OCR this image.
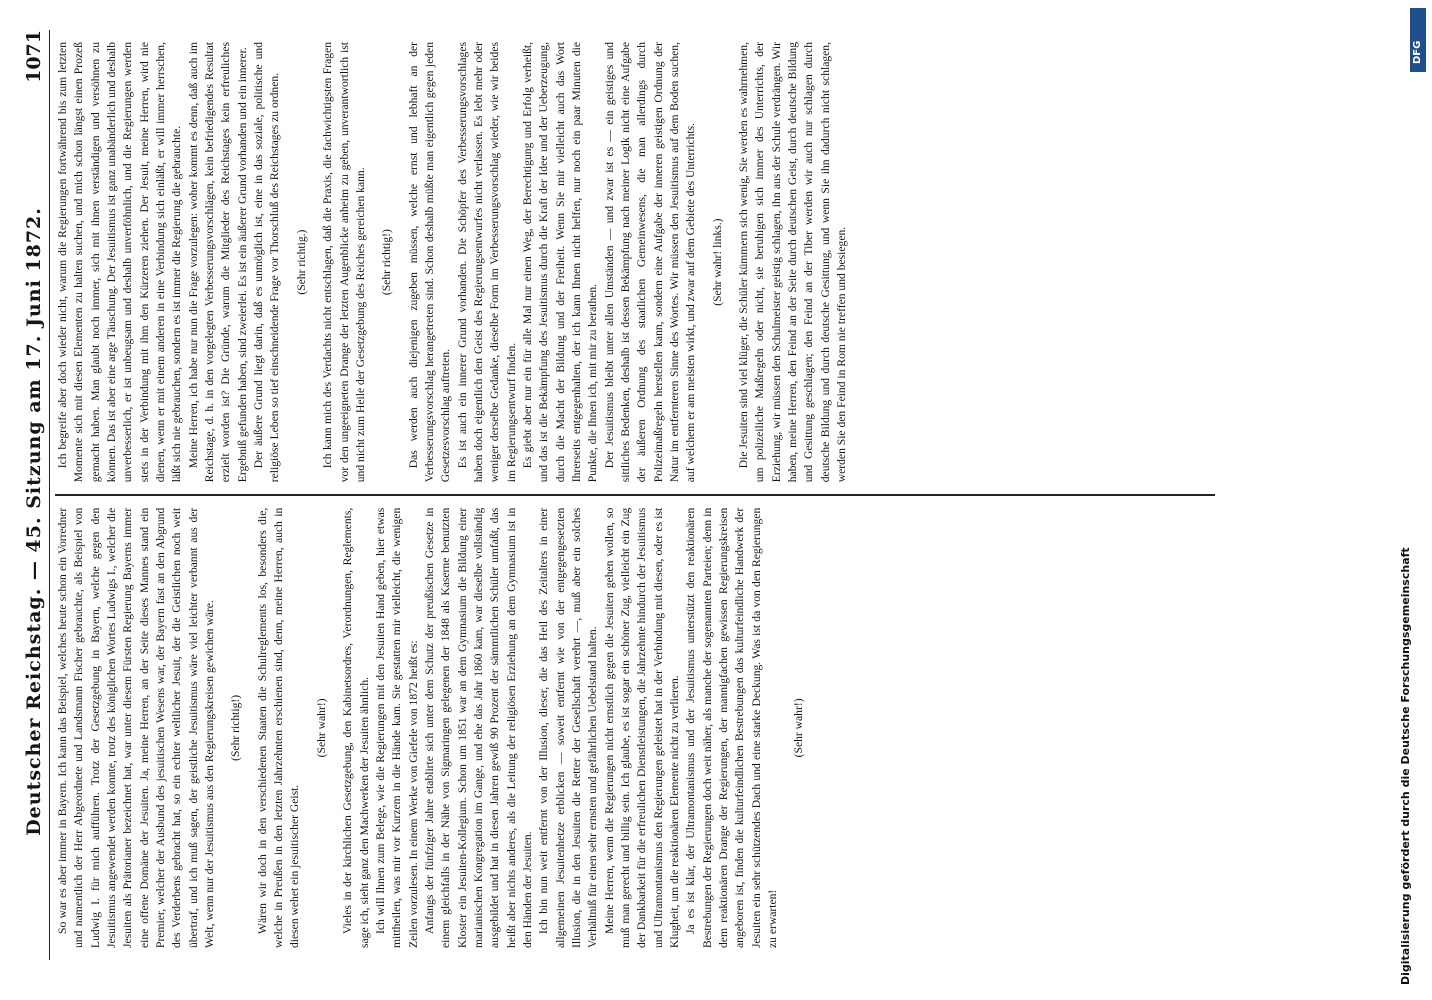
Deutscher Reichstag. — 45. Sitzung am 17. Juni 1872.
1071

So war es aber immer in Bayern. Ich kann das Beispiel, welches heute schon ein Vorredner und namentlich der Herr Abgeordnete und Landsmann Fischer gebrauchte, als Beispiel von Ludwig I. für mich aufführen. Trotz der Gesetzgebung in Bayern, welche gegen den Jesuitismus angewendet werden konnte, trotz des königlichen Wortes Ludwigs I., welcher die Jesuiten als Prätorianer bezeichnet hat, war unter diesem Fürsten Regierung Bayerns immer eine offene Domäne der Jesuiten. Ja, meine Herren, an der Seite dieses Mannes stand ein Premier, welcher der Ausbund des jesuitischen Wesens war, der Bayern fast an den Abgrund des Verderbens gebracht hat, so ein echter weltlicher Jesuit, der die Geistlichen noch weit übertraf, und ich muß sagen, der geistliche Jesuitismus wäre viel leichter verbannt aus der Welt, wenn nur der Jesuitismus aus den Regierungskreisen gewichen wäre. (Sehr richtig!) Wären wir doch in den verschiedenen Staaten die Schulreglements los, besonders die, welche in Preußen in den letzten Jahrzehnten erschienen sind, denn, meine Herren, auch in diesen wehet ein jesuitischer Geist.

(Sehr wahr!) Vieles in der kirchlichen Gesetzgebung, den Kabinetsordres, Verordnungen, Reglements, sage ich, sieht ganz den Machwerken der Jesuiten ähnlich. Ich will Ihnen zum Belege, wie die Regierungen mit den Jesuiten Hand geben, hier etwas mittheilen, was mir vor Kurzem in die Hände kam. Sie gestatten mir vielleicht, die wenigen Zeilen vorzulesen. In einem Werke von Giefele von 1872 heißt es: Anfangs der fünfziger Jahre etablirte sich unter dem Schutz der preußischen Gesetze in einem gleichfalls in der Nähe von Sigmaringen gelegenen der 1848 als Kaserne benutzten Kloster ein Jesuiten-Kollegium. Schon um 1851 war an dem Gymnasium die Bildung einer marianischen Kongregation im Gange, und ehe das Jahr 1860 kam, war dieselbe vollständig ausgebildet und hat in diesen Jahren gewiß 90 Prozent der sämmtlichen Schüler umfaßt, das heißt aber nichts anderes, als die Leitung der religiösen Erziehung an dem Gymnasium ist in den Händen der Jesuiten. Ich bin nun weit entfernt von der Illusion, dieser, die das Heil des Zeitalters in einer allgemeinen Jesuitenhetze erblicken — soweit entfernt wie von der entgegengesetzten Illusion, die in den Jesuiten die Retter der Gesellschaft verehrt —, muß aber ein solches Verhältniß für einen sehr ernsten und gefährlichen Uebelstand halten. Meine Herren, wenn die Regierungen nicht ernstlich gegen die Jesuiten gehen wollen, so muß man gerecht und billig sein. Ich glaube, es ist sogar ein schöner Zug, vielleicht ein Zug der Dankbarkeit für die erfreulichen Dienstleistungen, die Jahrzehnte hindurch der Jesuitismus und Ultramontanismus den Regierungen geleistet hat in der Verbindung mit diesen, oder es ist Klugheit, um die reaktionären Elemente nicht zu verlieren. Ja es ist klar, der Ultramontanismus und der Jesuitismus unterstützt den reaktionären Bestrebungen der Regierungen doch weit näher, als manche der sogenannten Parteien; denn in dem reaktionären Drange der Regierungen, der mannigfachen gewissen Regierungskreisen angeboren ist, finden die kulturfeindlichen Bestrebungen das kulturfeindliche Handwerk der Jesuiten ein sehr schützendes Dach und eine starke Deckung. Was ist da von den Regierungen zu erwarten!

(Sehr wahr!)

Ich begreife aber doch wieder nicht, warum die Regierungen fortwährend bis zum letzten Momente sich mit diesen Elementen zu halten suchen, und mich schon längst einen Prozeß gemacht haben. Man glaubt noch immer, sich mit ihnen verständigen und versöhnen zu können. Das ist aber eine arge Täuschung. Der Jesuitismus ist ganz unabänderlich und deshalb unverbesserlich, er ist unbeugsam und deshalb unverföhnlich, und die Regierungen werden stets in der Verbindung mit ihm den Kürzeren ziehen. Der Jesuit, meine Herren, wird nie dienen, wenn er mit einem anderen in eine Verbindung sich einläßt, er will immer herrschen, läßt sich nie gebrauchen, sondern es ist immer die Regierung die gebrauchte. Meine Herren, ich habe nur nun die Frage vorzulegen: woher kommt es denn, daß auch im Reichstage, d. h. in den vorgelegten Verbesserungsvorschlägen, kein befriedigendes Resultat erzielt worden ist? Die Gründe, warum die Mitglieder des Reichstages kein erfreuliches Ergebniß gefunden haben, sind zweierlei. Es ist ein äußerer Grund vorhanden und ein innerer. Der äußere Grund liegt darin, daß es unmöglich ist, eine in das soziale, politische und religiöse Leben so tief einschneidende Frage vor Thorschluß des Reichstages zu ordnen. (Sehr richtig.) Ich kann mich des Verdachts nicht entschlagen, daß die Praxis, die fachwichtigsten Fragen vor den ungeeigneten Drange der letzten Augenblicke anheim zu geben, unverantwortlich ist und nicht zum Heile der Gesetzgebung des Reiches gereichen kann. (Sehr richtig!) Das werden auch diejenigen zugeben müssen, welche ernst und lebhaft an der Verbesserungsvorschlag herangetreten sind. Schon deshalb müßte man eigentlich gegen jeden Gesetzesvorschlag auftreten. Es ist auch ein innerer Grund vorhanden. Die Schöpfer des Verbesserungsvorschlages haben doch eigentlich den Geist des Regierungsentwurfes nicht verlassen. Es lebt mehr oder weniger derselbe Gedanke, dieselbe Form im Verbesserungsvorschlag wieder, wie wir beides im Regierungsentwurf finden. Es giebt aber nur ein für alle Mal nur einen Weg, der Berechtigung und Erfolg verheißt, und das ist die Bekämpfung des Jesuitismus durch die Kraft der Idee und der Ueberzeugung, durch die Macht der Bildung und der Freiheit. Wenn Sie mir vielleicht auch das Wort Ihrerseits entgegenhalten, der ich kann Ihnen nicht helfen, nur noch ein paar Minuten die Punkte, die Ihnen ich, mit mir zu berathen. Der Jesuitismus bleibt unter allen Umständen — und zwar ist es — ein geistiges und sittliches Bedenken, deshalb ist dessen Bekämpfung nach meiner Logik nicht eine Aufgabe der äußeren Ordnung des staatlichen Gemeinwesens, die man allerdings durch Polizeimaßregeln herstellen kann, sondern eine Aufgabe der inneren geistigen Ordnung der Natur im entfernteren Sinne des Wortes. Wir müssen den Jesuitismus auf dem Boden suchen, auf welchem er am meisten wirkt, und zwar auf dem Gebiete des Unterrichts. (Sehr wahr! links.) Die Jesuiten sind viel klüger, die Schüler kümmern sich wenig, Sie werden es wahrnehmen, um polizeiliche Maßregeln oder nicht, sie beruhigen sich immer des Unterrichts, der Erziehung, wir müssen den Schulmeister geistig schlagen, ihn aus der Schule verdrängen. Wir haben, meine Herren, den Feind an der Seite durch deutschen Geist, durch deutsche Bildung und Gesittung geschlagen; den Feind an der Tiber werden wir auch nur schlagen durch deutsche Bildung und durch deutsche Gesittung, und wenn Sie ihn dadurch nicht schlagen, werden Sie den Feind in Rom nie treffen und besiegen.

DFG
Digitalisierung gefördert durch die Deutsche Forschungsgemeinschaft
